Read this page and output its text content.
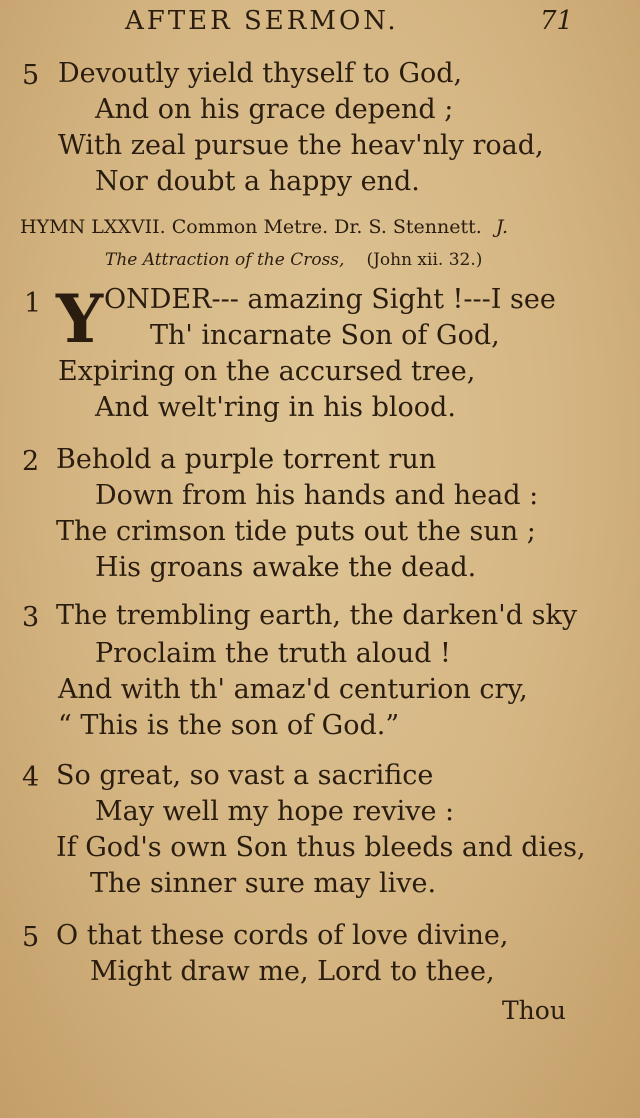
AFTER SERMON.	71
5 Devoutly yield thyself to God,
And on his grace depend ;
With zeal pursue the heav'nly road,
Nor doubt a happy end.
HYMN LXXVII. Common Metre. Dr. S. Stennett. J.
The Attraction of the Cross, (John xii. 32.)
1 Y ONDER--- amazing Sight !---I see
Th' incarnate Son of God,
Expiring on the accursed tree,
And welt'ring in his blood.
2 Behold a purple torrent run
Down from his hands and head :
The crimson tide puts out the sun ;
His groans awake the dead.
3 The trembling earth, the darken'd sky
Proclaim the truth aloud !
And with th' amaz'd centurion cry,
“ This is the son of God.”
4 So great, so vast a sacrifice
May well my hope revive :
If God's own Son thus bleeds and dies,
The sinner sure may live.
5 O that these cords of love divine,
Might draw me, Lord to thee,
Thou
